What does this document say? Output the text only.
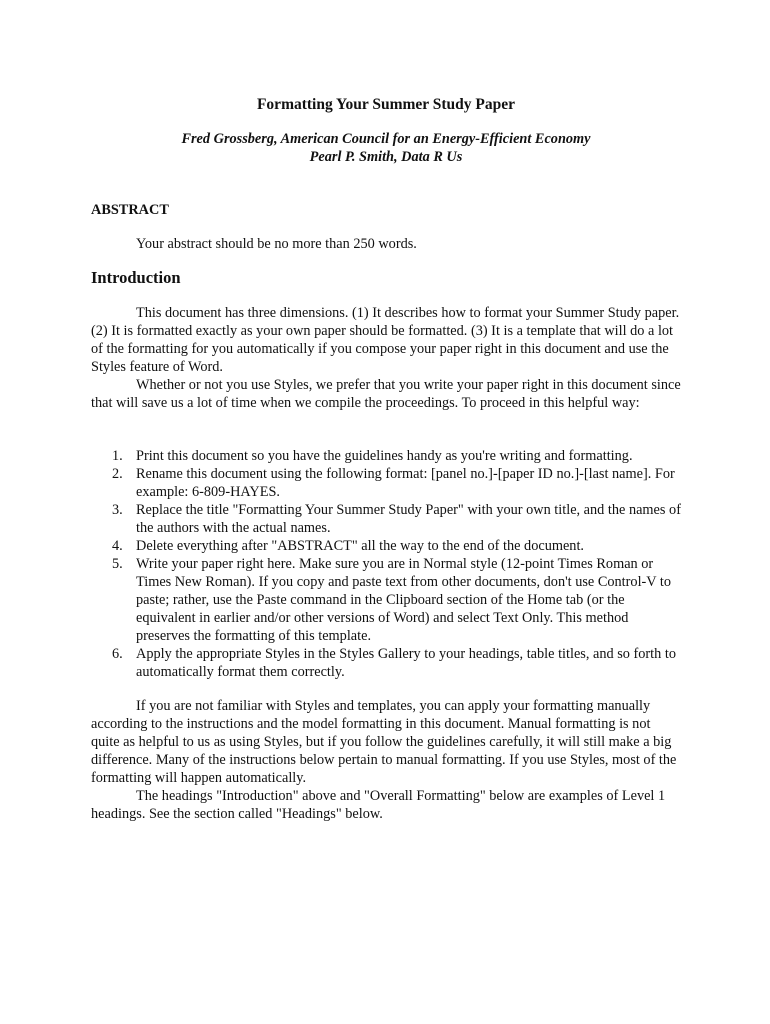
Formatting Your Summer Study Paper
Fred Grossberg, American Council for an Energy-Efficient Economy
Pearl P. Smith, Data R Us
ABSTRACT
Your abstract should be no more than 250 words.
Introduction

This document has three dimensions. (1) It describes how to format your Summer Study paper. (2) It is formatted exactly as your own paper should be formatted. (3) It is a template that will do a lot of the formatting for you automatically if you compose your paper right in this document and use the Styles feature of Word.

Whether or not you use Styles, we prefer that you write your paper right in this document since that will save us a lot of time when we compile the proceedings. To proceed in this helpful way:

1. Print this document so you have the guidelines handy as you're writing and formatting.
2. Rename this document using the following format: [panel no.]-[paper ID no.]-[last name]. For example: 6-809-HAYES.
3. Replace the title "Formatting Your Summer Study Paper" with your own title, and the names of the authors with the actual names.
4. Delete everything after "ABSTRACT" all the way to the end of the document.
5. Write your paper right here. Make sure you are in Normal style (12-point Times Roman or Times New Roman). If you copy and paste text from other documents, don't use Control-V to paste; rather, use the Paste command in the Clipboard section of the Home tab (or the equivalent in earlier and/or other versions of Word) and select Text Only. This method preserves the formatting of this template.
6. Apply the appropriate Styles in the Styles Gallery to your headings, table titles, and so forth to automatically format them correctly.

If you are not familiar with Styles and templates, you can apply your formatting manually according to the instructions and the model formatting in this document. Manual formatting is not quite as helpful to us as using Styles, but if you follow the guidelines carefully, it will still make a big difference. Many of the instructions below pertain to manual formatting. If you use Styles, most of the formatting will happen automatically.

The headings "Introduction" above and "Overall Formatting" below are examples of Level 1 headings. See the section called "Headings" below.
